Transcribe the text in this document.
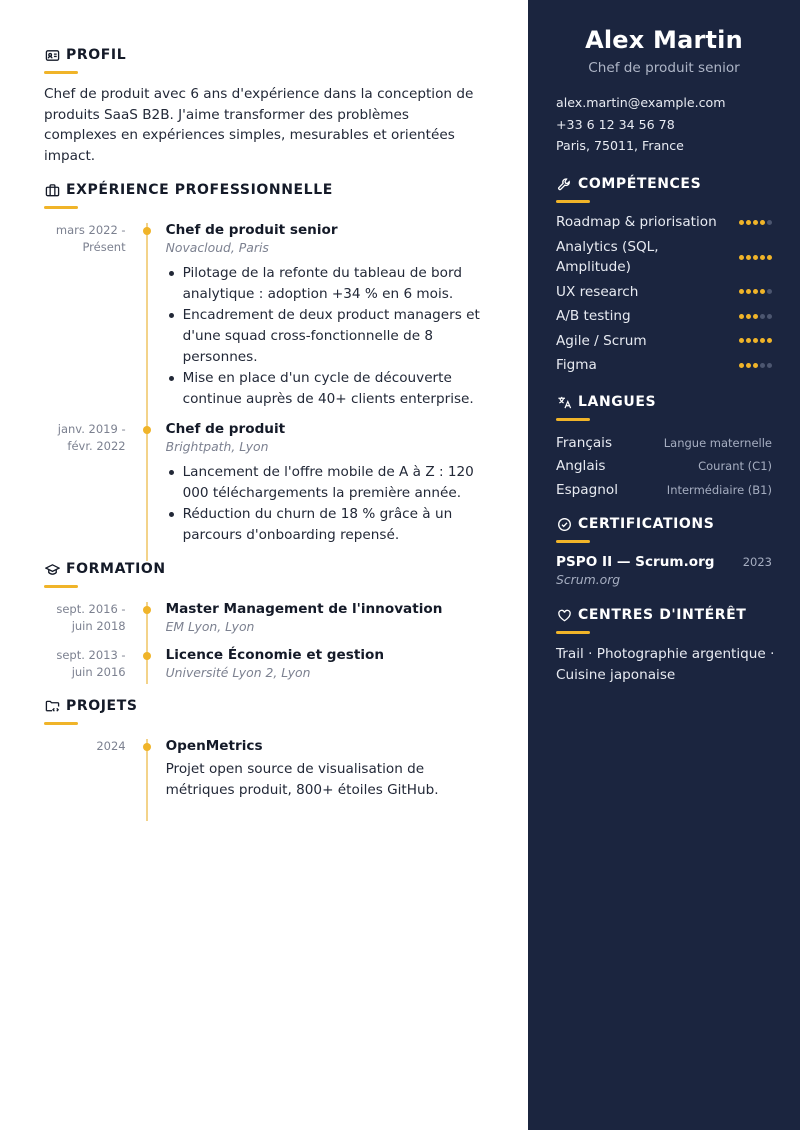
PROFIL

Chef de produit avec 6 ans d'expérience dans la conception de produits SaaS B2B. J'aime transformer des problèmes complexes en expériences simples, mesurables et orientées impact.

EXPÉRIENCE PROFESSIONNELLE
mars 2022 -
Présent
Chef de produit senior
Novacloud, Paris
Pilotage de la refonte du tableau de bord analytique : adoption +34 % en 6 mois.
Encadrement de deux product managers et d'une squad cross-fonctionnelle de 8 personnes.
Mise en place d'un cycle de découverte continue auprès de 40+ clients enterprise.
janv. 2019 -
févr. 2022
Chef de produit
Brightpath, Lyon
Lancement de l'offre mobile de A à Z : 120 000 téléchargements la première année.
Réduction du churn de 18 % grâce à un parcours d'onboarding repensé.
FORMATION
sept. 2016 -
juin 2018
Master Management de l'innovation
EM Lyon, Lyon
sept. 2013 -
juin 2016
Licence Économie et gestion
Université Lyon 2, Lyon
PROJETS
2024	OpenMetrics
Projet open source de visualisation de métriques produit, 800+ étoiles GitHub.
Alex Martin
Chef de produit senior
alex.martin@example.com
+33 6 12 34 56 78
Paris, 75011, France
COMPÉTENCES
Roadmap & priorisation
Analytics (SQL, Amplitude)
UX research
A/B testing
Agile / Scrum
Figma
LANGUES
Français	Langue maternelle
Anglais	Courant (C1)
Espagnol	Intermédiaire (B1)
CERTIFICATIONS
PSPO II — Scrum.org 2023
Scrum.org
CENTRES D'INTÉRÊT

Trail · Photographie argentique · Cuisine japonaise
